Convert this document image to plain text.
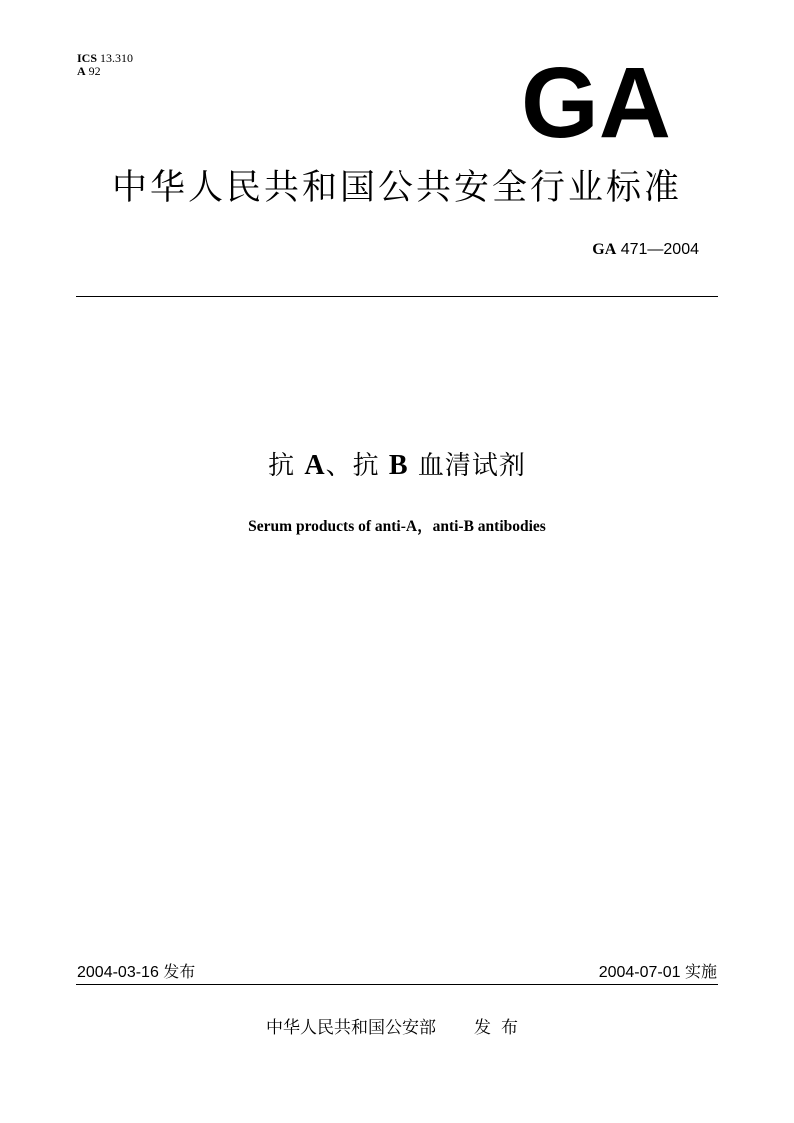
ICS 13.310
A 92	GA
中华人民共和国公共安全行业标准
GA 471—2004
抗 A、抗 B 血清试剂
Serum products of anti-A，anti-B antibodies
2004-03-16 发布	2004-07-01 实施
中华人民共和国公安部 发布
